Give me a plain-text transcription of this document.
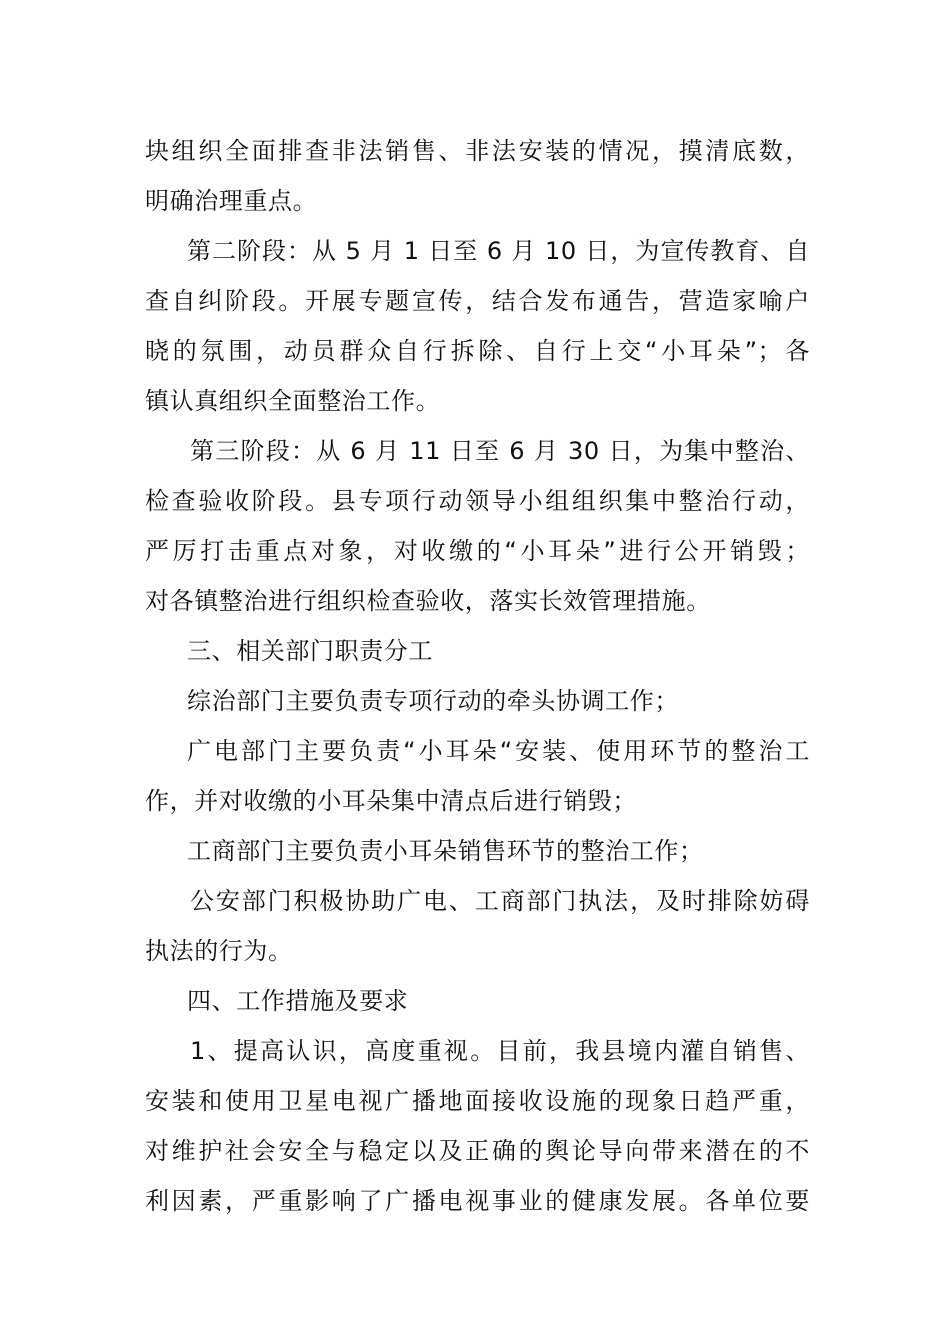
块组织全面排查非法销售、非法安装的情况，摸清底数，
明确治理重点。
第二阶段：从 5 月 1 日至 6 月 10 日，为宣传教育、自
查自纠阶段。开展专题宣传，结合发布通告，营造家喻户
晓的氛围，动员群众自行拆除、自行上交“小耳朵”；各
镇认真组织全面整治工作。
第三阶段：从 6 月 11 日至 6 月 30 日，为集中整治、
检查验收阶段。县专项行动领导小组组织集中整治行动，
严厉打击重点对象，对收缴的“小耳朵”进行公开销毁；
对各镇整治进行组织检查验收，落实长效管理措施。
三、相关部门职责分工
综治部门主要负责专项行动的牵头协调工作；
广电部门主要负责“小耳朵“安装、使用环节的整治工
作，并对收缴的小耳朵集中清点后进行销毁；
工商部门主要负责小耳朵销售环节的整治工作；
公安部门积极协助广电、工商部门执法，及时排除妨碍
执法的行为。
四、工作措施及要求
1、提高认识，高度重视。目前，我县境内灌自销售、
安装和使用卫星电视广播地面接收设施的现象日趋严重，
对维护社会安全与稳定以及正确的舆论导向带来潜在的不
利因素，严重影响了广播电视事业的健康发展。各单位要
